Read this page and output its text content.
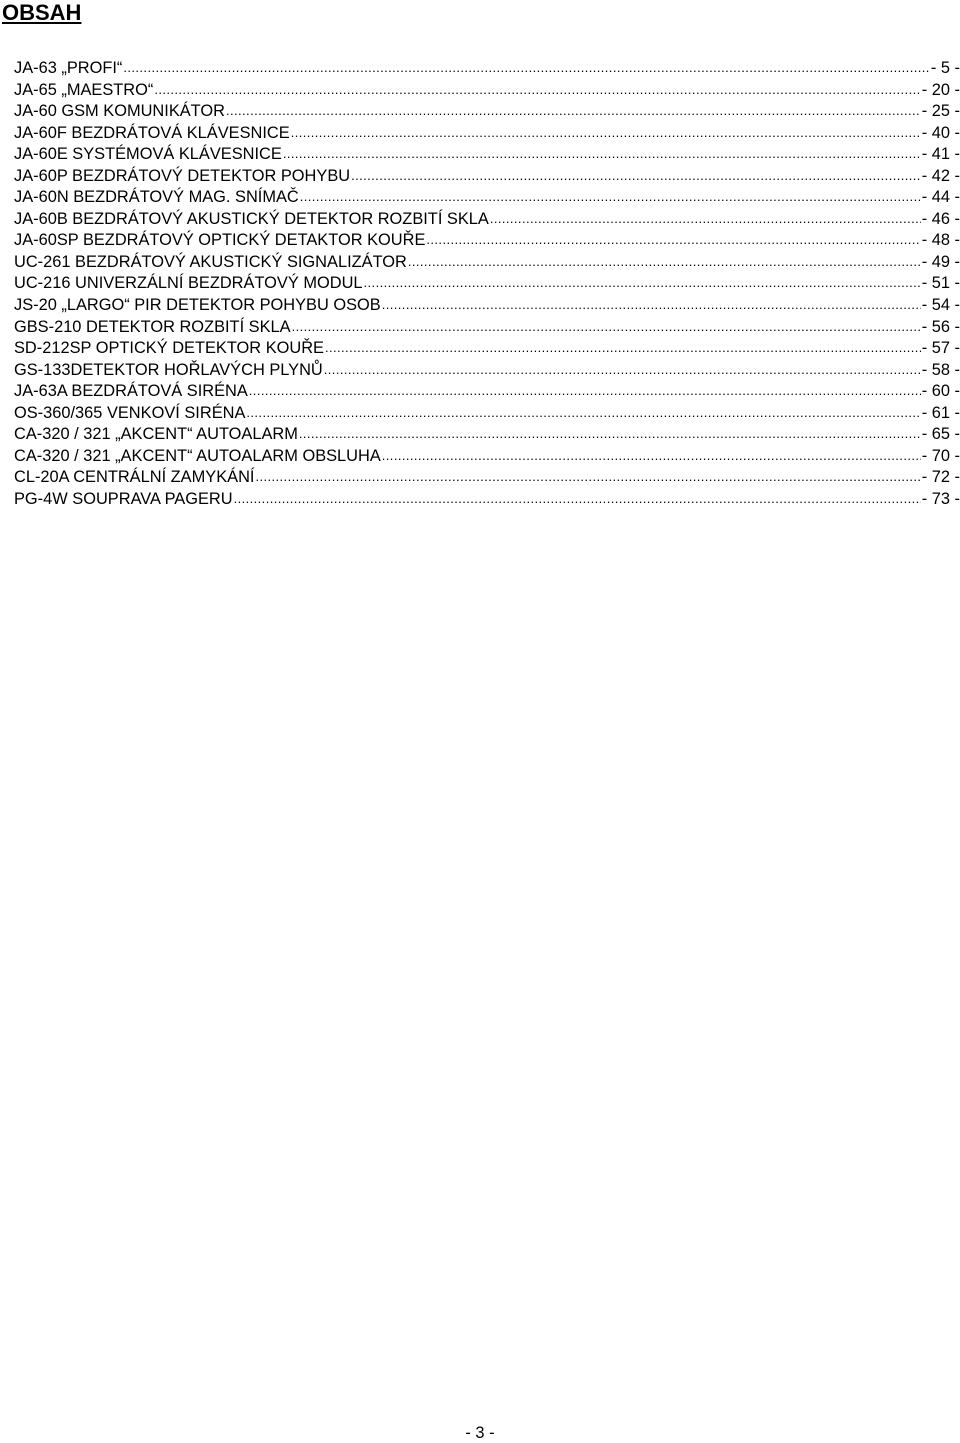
OBSAH
JA-63 „PROFI“ .....	- 5 -
JA-65 „MAESTRO“ .....	- 20 -
JA-60 GSM KOMUNIKÁTOR .....	- 25 -
JA-60F BEZDRÁTOVÁ KLÁVESNICE .....	- 40 -
JA-60E SYSTÉMOVÁ KLÁVESNICE .....	- 41 -
JA-60P BEZDRÁTOVÝ DETEKTOR POHYBU .....	- 42 -
JA-60N BEZDRÁTOVÝ MAG. SNÍMAČ .....	- 44 -
JA-60B BEZDRÁTOVÝ AKUSTICKÝ DETEKTOR ROZBITÍ SKLA .....	- 46 -
JA-60SP BEZDRÁTOVÝ OPTICKÝ DETAKTOR KOUŘE .....	- 48 -
UC-261 BEZDRÁTOVÝ AKUSTICKÝ SIGNALIZÁTOR .....	- 49 -
UC-216 UNIVERZÁLNÍ BEZDRÁTOVÝ MODUL .....	- 51 -
JS-20 „LARGO“ PIR DETEKTOR POHYBU OSOB .....	- 54 -
GBS-210 DETEKTOR ROZBITÍ SKLA .....	- 56 -
SD-212SP OPTICKÝ DETEKTOR KOUŘE .....	- 57 -
GS-133DETEKTOR HOŘLAVÝCH PLYNŮ .....	- 58 -
JA-63A BEZDRÁTOVÁ SIRÉNA .....	- 60 -
OS-360/365 VENKOVÍ SIRÉNA .....	- 61 -
CA-320 / 321 „AKCENT“ AUTOALARM .....	- 65 -
CA-320 / 321 „AKCENT“ AUTOALARM OBSLUHA .....	- 70 -
CL-20A CENTRÁLNÍ ZAMYKÁNÍ .....	- 72 -
PG-4W SOUPRAVA PAGERU .....	- 73 -

- 3 -
